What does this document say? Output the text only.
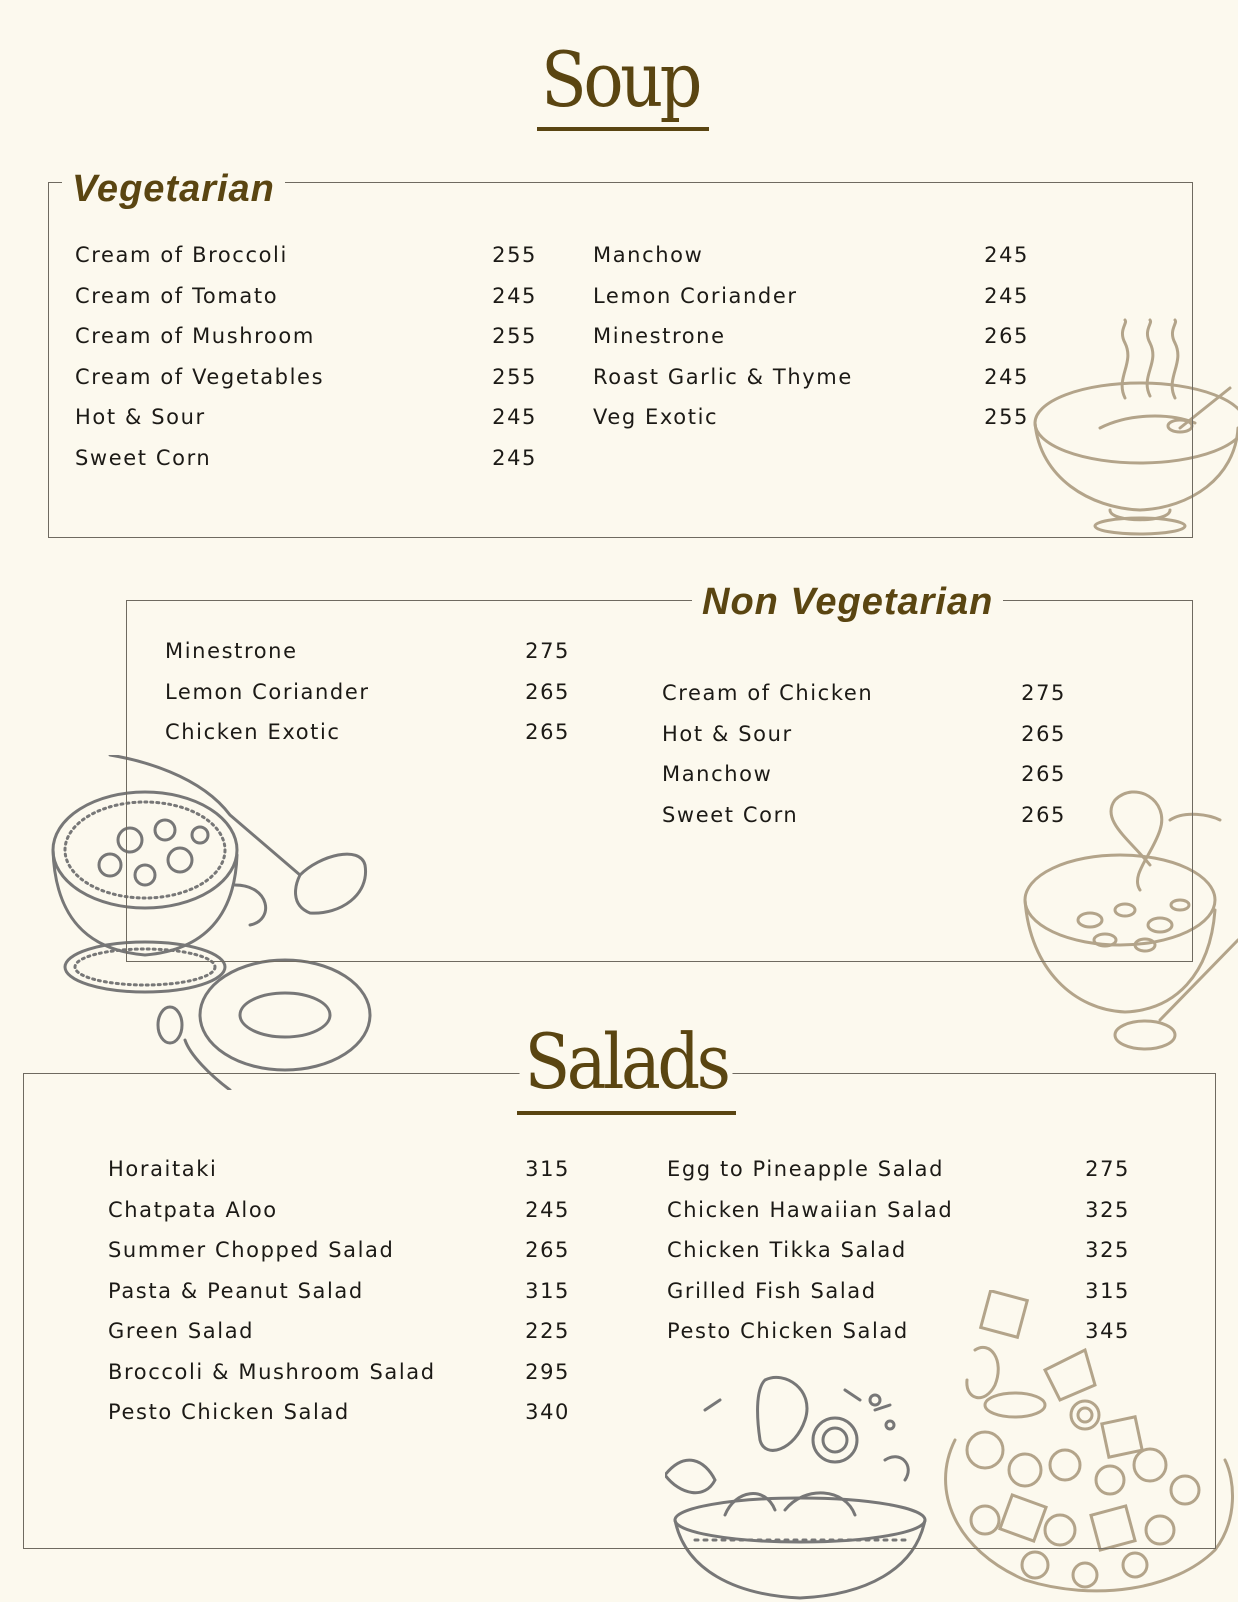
Soup
Vegetarian
Cream of Broccoli	255
Cream of Tomato	245
Cream of Mushroom	255
Cream of Vegetables	255
Hot & Sour	245
Sweet Corn	245
Manchow	245
Lemon Coriander	245
Minestrone	265
Roast Garlic & Thyme	245
Veg Exotic	255
Non Vegetarian
Minestrone	275
Lemon Coriander	265
Chicken Exotic	265
Cream of Chicken	275
Hot & Sour	265
Manchow	265
Sweet Corn	265
Salads
Horaitaki	315
Chatpata Aloo	245
Summer Chopped Salad	265
Pasta & Peanut Salad	315
Green Salad	225
Broccoli & Mushroom Salad	295
Pesto Chicken Salad	340
Egg to Pineapple Salad	275
Chicken Hawaiian Salad	325
Chicken Tikka Salad	325
Grilled Fish Salad	315
Pesto Chicken Salad	345
